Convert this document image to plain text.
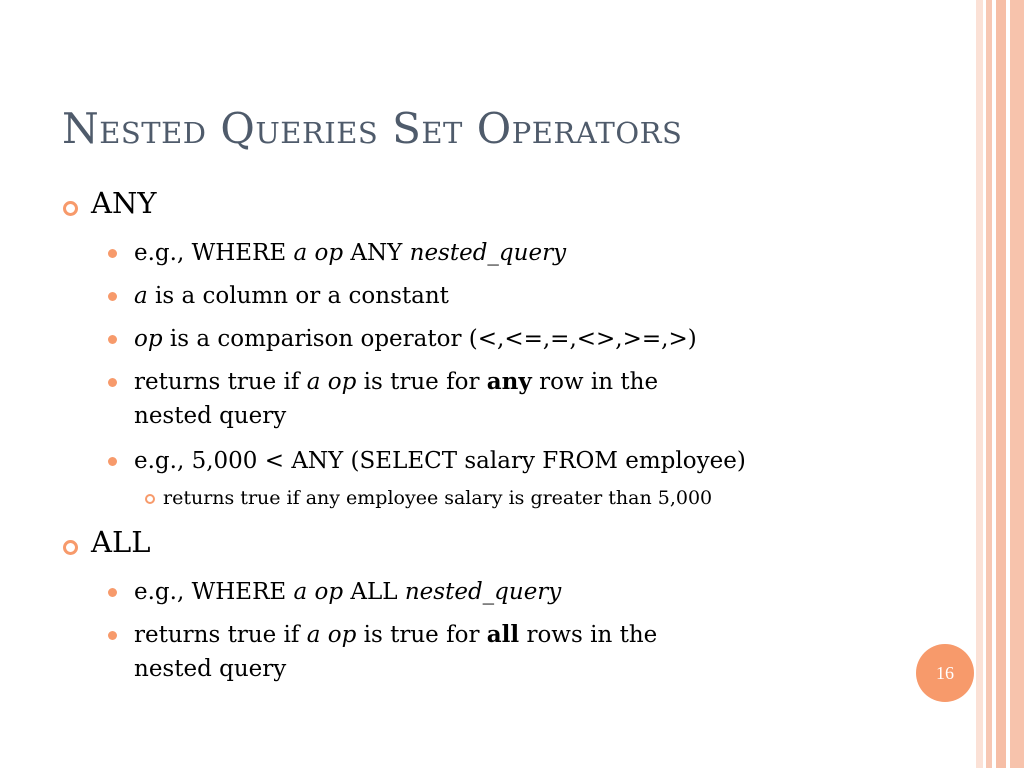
Nested Queries Set Operators
ANY
e.g., WHERE a op ANY nested_query
a is a column or a constant
op is a comparison operator (<,<=,=,<>,>=,>)
returns true if a op is true for any row in the
nested query
e.g., 5,000 < ANY (SELECT salary FROM employee)
returns true if any employee salary is greater than 5,000
ALL
e.g., WHERE a op ALL nested_query
returns true if a op is true for all rows in the
nested query	16
